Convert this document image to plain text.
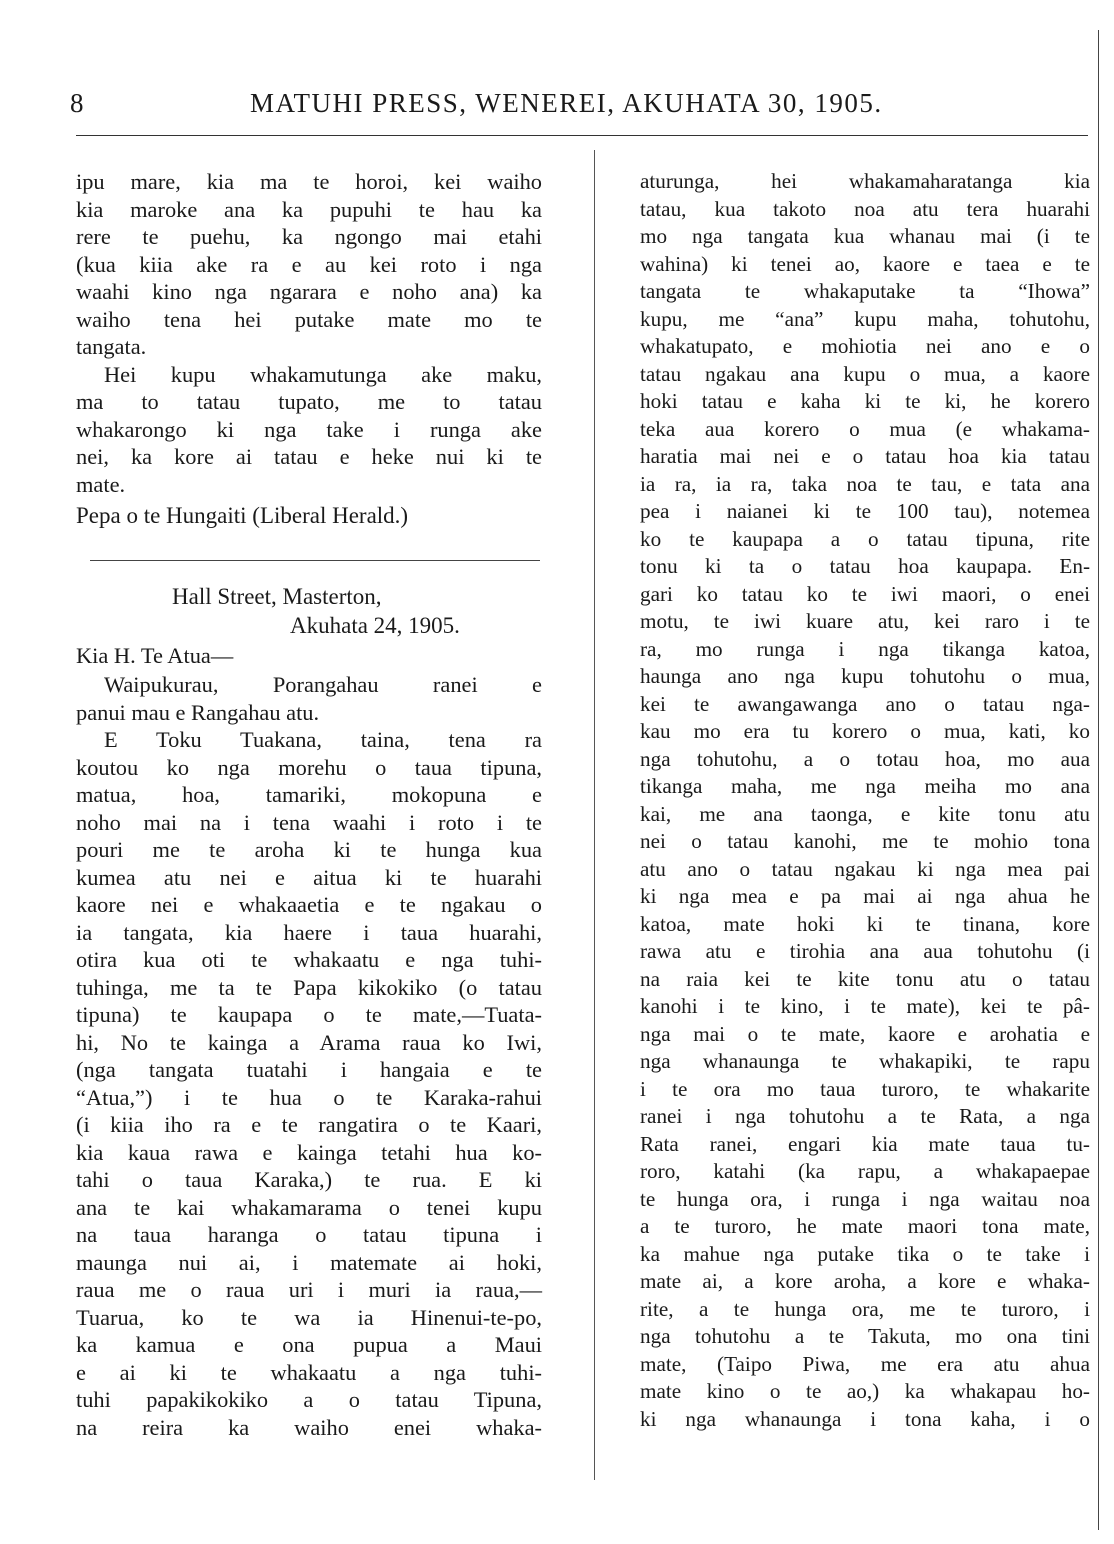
8	MATUHI PRESS, WENEREI, AKUHATA 30, 1905.
ipu mare, kia ma te horoi, kei waiho
kia maroke ana ka pupuhi te hau ka
rere te puehu, ka ngongo mai etahi
(kua kiia ake ra e au kei roto i nga
waahi kino nga ngarara e noho ana) ka
waiho tena hei putake mate mo te
tangata.
Hei kupu whakamutunga ake maku,
ma to tatau tupato, me to tatau
whakarongo ki nga take i runga ake
nei, ka kore ai tatau e heke nui ki te
mate.
Pepa o te Hungaiti (Liberal Herald.)
Hall Street, Masterton,
Akuhata 24, 1905.
Kia H. Te Atua—
Waipukurau, Porangahau ranei e
panui mau e Rangahau atu.
E Toku Tuakana, taina, tena ra
koutou ko nga morehu o taua tipuna,
matua, hoa, tamariki, mokopuna e
noho mai na i tena waahi i roto i te
pouri me te aroha ki te hunga kua
kumea atu nei e aitua ki te huarahi
kaore nei e whakaaetia e te ngakau o
ia tangata, kia haere i taua huarahi,
otira kua oti te whakaatu e nga tuhi-
tuhinga, me ta te Papa kikokiko (o tatau
tipuna) te kaupapa o te mate,—Tuata-
hi, No te kainga a Arama raua ko Iwi,
(nga tangata tuatahi i hangaia e te
“Atua,”) i te hua o te Karaka-rahui
(i kiia iho ra e te rangatira o te Kaari,
kia kaua rawa e kainga tetahi hua ko-
tahi o taua Karaka,) te rua. E ki
ana te kai whakamarama o tenei kupu
na taua haranga o tatau tipuna i
maunga nui ai, i matemate ai hoki,
raua me o raua uri i muri ia raua,—
Tuarua, ko te wa ia Hinenui-te-po,
ka kamua e ona pupua a Maui
e ai ki te whakaatu a nga tuhi-
tuhi papakikokiko a o tatau Tipuna,
na reira ka waiho enei whaka-
aturunga, hei whakamaharatanga kia
tatau, kua takoto noa atu tera huarahi
mo nga tangata kua whanau mai (i te
wahina) ki tenei ao, kaore e taea e te
tangata te whakaputake ta “Ihowa”
kupu, me “ana” kupu maha, tohutohu,
whakatupato, e mohiotia nei ano e o
tatau ngakau ana kupu o mua, a kaore
hoki tatau e kaha ki te ki, he korero
teka aua korero o mua (e whakama-
haratia mai nei e o tatau hoa kia tatau
ia ra, ia ra, taka noa te tau, e tata ana
pea i naianei ki te 100 tau), notemea
ko te kaupapa a o tatau tipuna, rite
tonu ki ta o tatau hoa kaupapa. En-
gari ko tatau ko te iwi maori, o enei
motu, te iwi kuare atu, kei raro i te
ra, mo runga i nga tikanga katoa,
haunga ano nga kupu tohutohu o mua,
kei te awangawanga ano o tatau nga-
kau mo era tu korero o mua, kati, ko
nga tohutohu, a o totau hoa, mo aua
tikanga maha, me nga meiha mo ana
kai, me ana taonga, e kite tonu atu
nei o tatau kanohi, me te mohio tona
atu ano o tatau ngakau ki nga mea pai
ki nga mea e pa mai ai nga ahua he
katoa, mate hoki ki te tinana, kore
rawa atu e tirohia ana aua tohutohu (i
na raia kei te kite tonu atu o tatau
kanohi i te kino, i te mate), kei te pâ-
nga mai o te mate, kaore e arohatia e
nga whanaunga te whakapiki, te rapu
i te ora mo taua turoro, te whakarite
ranei i nga tohutohu a te Rata, a nga
Rata ranei, engari kia mate taua tu-
roro, katahi (ka rapu, a whakapaepae
te hunga ora, i runga i nga waitau noa
a te turoro, he mate maori tona mate,
ka mahue nga putake tika o te take i
mate ai, a kore aroha, a kore e whaka-
rite, a te hunga ora, me te turoro, i
nga tohutohu a te Takuta, mo ona tini
mate, (Taipo Piwa, me era atu ahua
mate kino o te ao,) ka whakapau ho-
ki nga whanaunga i tona kaha, i o
